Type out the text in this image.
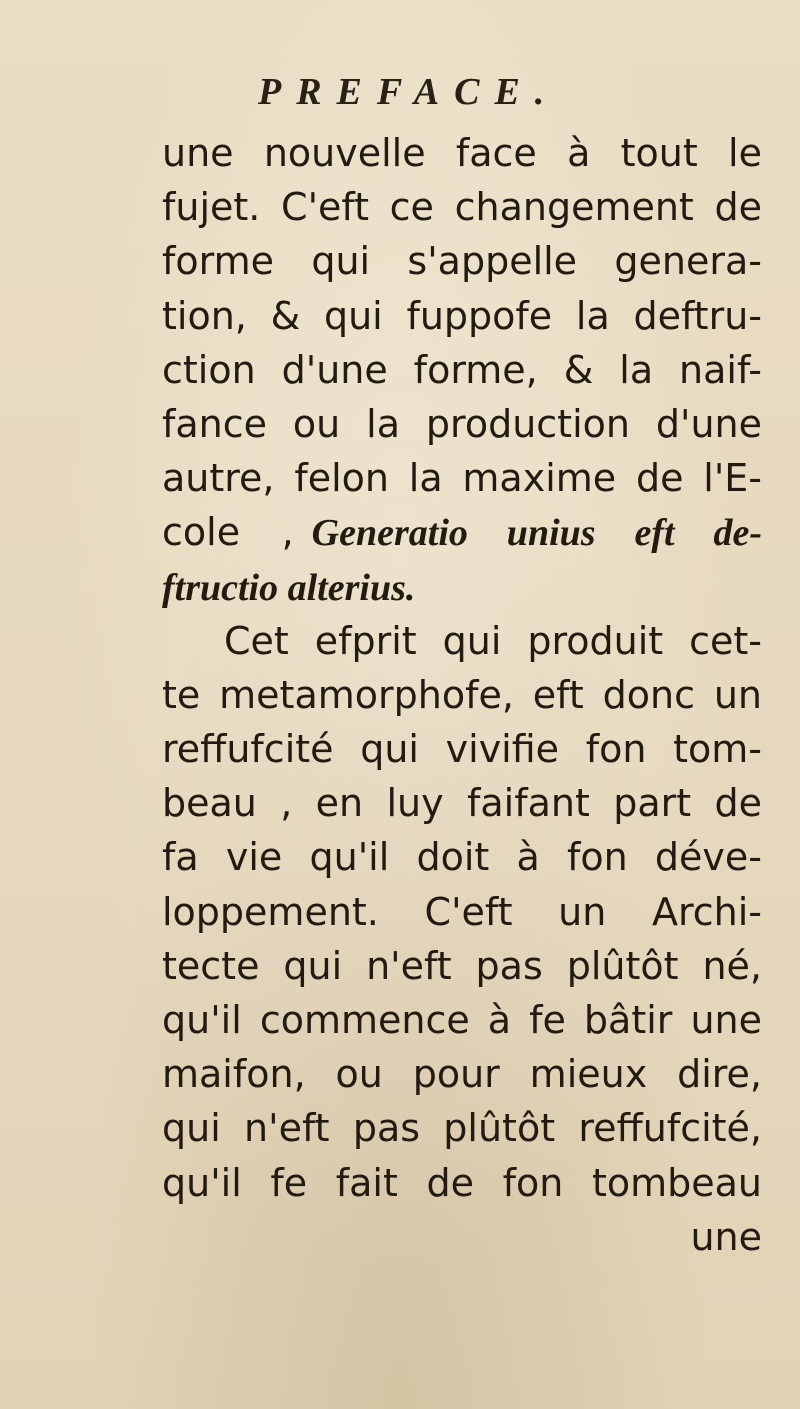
PREFACE.
une nouvelle face à tout le
fujet. C'eft ce changement de
forme qui s'appelle genera-
tion, & qui fuppofe la deftru-
ction d'une forme, & la naif-
fance ou la production d'une
autre, felon la maxime de l'E-
cole , Generatio unius eft de-
ftructio alterius.
Cet efprit qui produit cet-
te metamorphofe, eft donc un
reffufcité qui vivifie fon tom-
beau , en luy faifant part de
fa vie qu'il doit à fon déve-
loppement. C'eft un Archi-
tecte qui n'eft pas plûtôt né,
qu'il commence à fe bâtir une
maifon, ou pour mieux dire,
qui n'eft pas plûtôt reffufcité,
qu'il fe fait de fon tombeau
une
